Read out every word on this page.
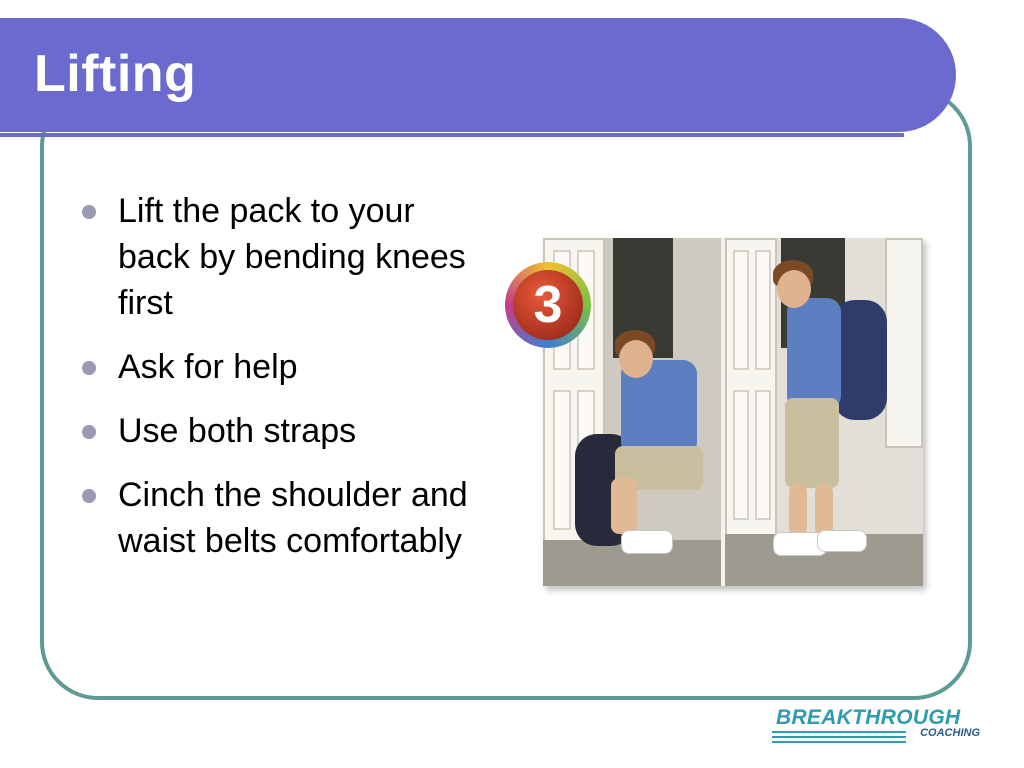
Lifting
Lift the pack to your back by bending knees first
Ask for help
Use both straps
Cinch the shoulder and waist belts comfortably
3
BREAKTHROUGH
COACHING
